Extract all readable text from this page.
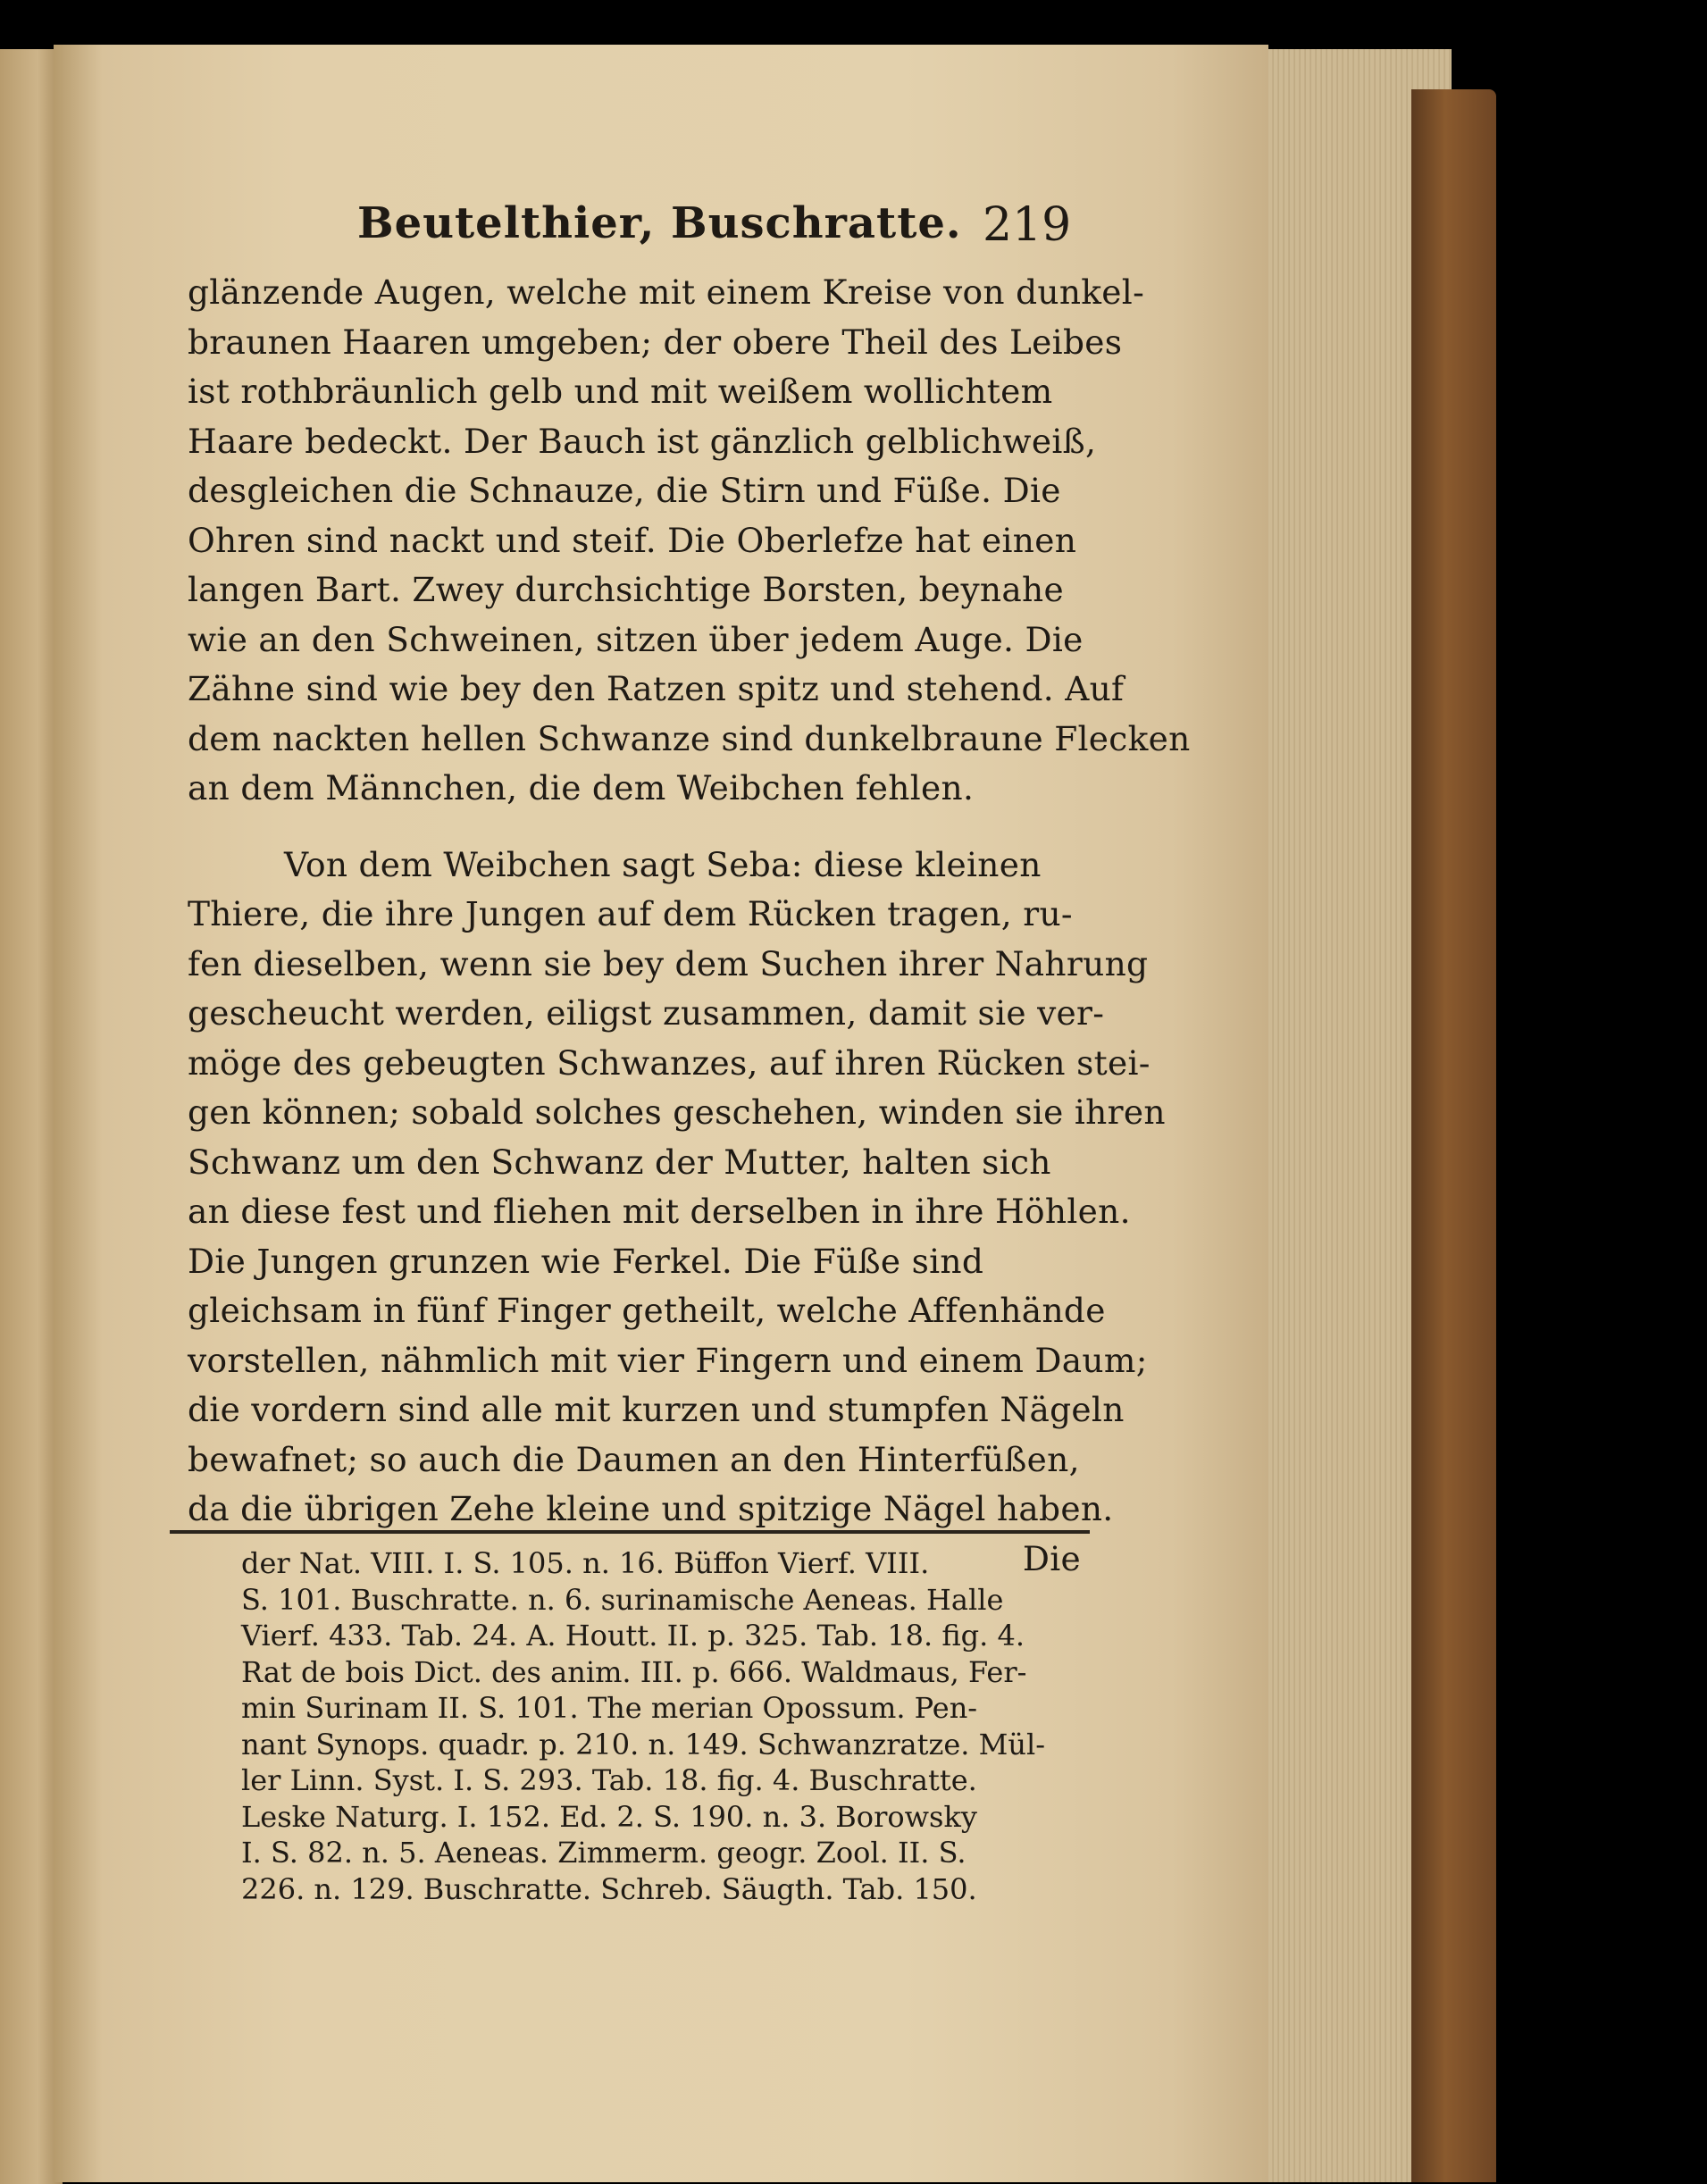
Beutelthier, Buschratte. 219
glänzende Augen, welche mit einem Kreise von dunkel-
braunen Haaren umgeben; der obere Theil des Leibes
ist rothbräunlich gelb und mit weißem wollichtem
Haare bedeckt. Der Bauch ist gänzlich gelblichweiß,
desgleichen die Schnauze, die Stirn und Füße. Die
Ohren sind nackt und steif. Die Oberlefze hat einen
langen Bart. Zwey durchsichtige Borsten, beynahe
wie an den Schweinen, sitzen über jedem Auge. Die
Zähne sind wie bey den Ratzen spitz und stehend. Auf
dem nackten hellen Schwanze sind dunkelbraune Flecken
an dem Männchen, die dem Weibchen fehlen.
Von dem Weibchen sagt Seba: diese kleinen
Thiere, die ihre Jungen auf dem Rücken tragen, ru-
fen dieselben, wenn sie bey dem Suchen ihrer Nahrung
gescheucht werden, eiligst zusammen, damit sie ver-
möge des gebeugten Schwanzes, auf ihren Rücken stei-
gen können; sobald solches geschehen, winden sie ihren
Schwanz um den Schwanz der Mutter, halten sich
an diese fest und fliehen mit derselben in ihre Höhlen.
Die Jungen grunzen wie Ferkel. Die Füße sind
gleichsam in fünf Finger getheilt, welche Affenhände
vorstellen, nähmlich mit vier Fingern und einem Daum;
die vordern sind alle mit kurzen und stumpfen Nägeln
bewafnet; so auch die Daumen an den Hinterfüßen,
da die übrigen Zehe kleine und spitzige Nägel haben.
Die
der Nat. VIII. I. S. 105. n. 16. Büffon Vierf. VIII.
S. 101. Buschratte. n. 6. surinamische Aeneas. Halle
Vierf. 433. Tab. 24. A. Houtt. II. p. 325. Tab. 18. fig. 4.
Rat de bois Dict. des anim. III. p. 666. Waldmaus, Fer-
min Surinam II. S. 101. The merian Opossum. Pen-
nant Synops. quadr. p. 210. n. 149. Schwanzratze. Mül-
ler Linn. Syst. I. S. 293. Tab. 18. fig. 4. Buschratte.
Leske Naturg. I. 152. Ed. 2. S. 190. n. 3. Borowsky
I. S. 82. n. 5. Aeneas. Zimmerm. geogr. Zool. II. S.
226. n. 129. Buschratte. Schreb. Säugth. Tab. 150.
